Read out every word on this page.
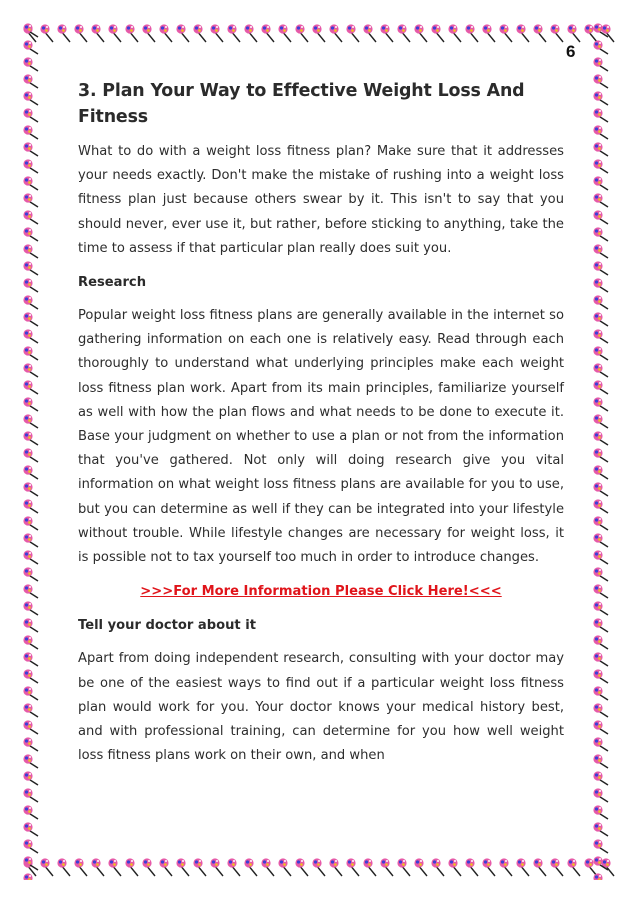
6
3. Plan Your Way to Effective Weight Loss And Fitness

What to do with a weight loss fitness plan? Make sure that it addresses your needs exactly. Don't make the mistake of rushing into a weight loss fitness plan just because others swear by it. This isn't to say that you should never, ever use it, but rather, before sticking to anything, take the time to assess if that particular plan really does suit you.

Research

Popular weight loss fitness plans are generally available in the internet so gathering information on each one is relatively easy. Read through each thoroughly to understand what underlying principles make each weight loss fitness plan work. Apart from its main principles, familiarize yourself as well with how the plan flows and what needs to be done to execute it. Base your judgment on whether to use a plan or not from the information that you've gathered. Not only will doing research give you vital information on what weight loss fitness plans are available for you to use, but you can determine as well if they can be integrated into your lifestyle without trouble. While lifestyle changes are necessary for weight loss, it is possible not to tax yourself too much in order to introduce changes.

>>>For More Information Please Click Here!<<<
Tell your doctor about it

Apart from doing independent research, consulting with your doctor may be one of the easiest ways to find out if a particular weight loss fitness plan would work for you. Your doctor knows your medical history best, and with professional training, can determine for you how well weight loss fitness plans work on their own, and when
